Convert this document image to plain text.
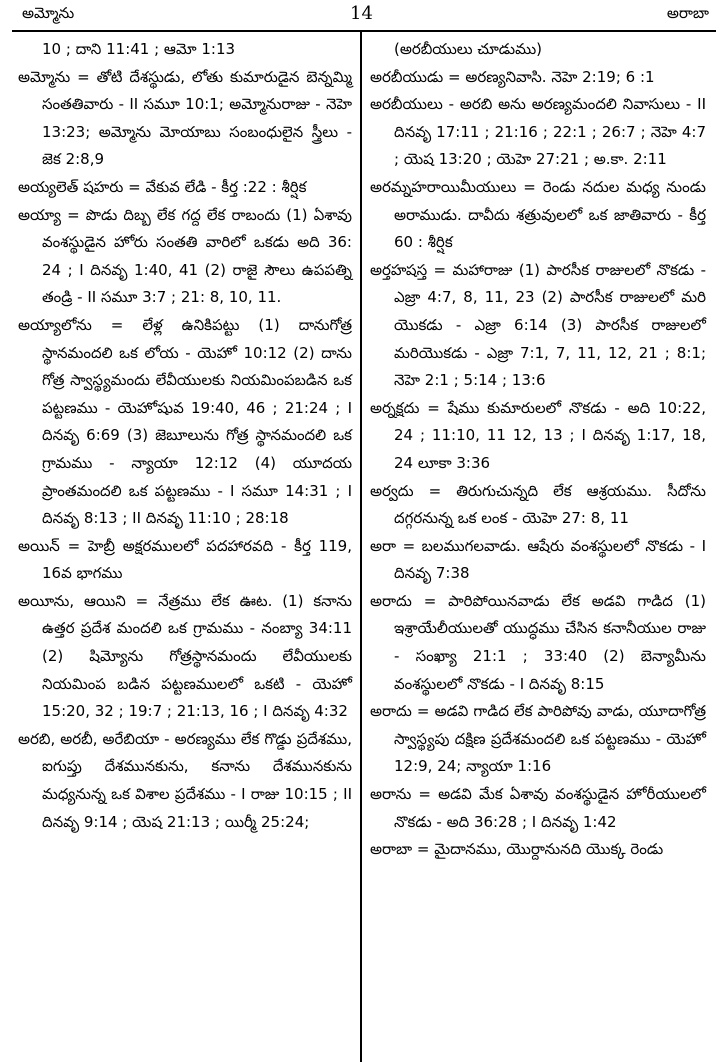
అమ్మోను	14	అరాబా

10 ; దాని 11:41 ; ఆమో 1:13

అమ్మోను = తోటి దేశస్థుడు, లోతు కుమారుడైన బెన్నమ్మి సంతతివారు - II సమూ 10:1; అమ్మోనురాజు - నెహె 13:23; అమ్మోను మోయాబు సంబంధులైన స్త్రీలు - జెక 2:8,9

అయ్యలెత్ షహరు = వేకువ లేడి - కీర్త :22 : శీర్షిక

అయ్యా = పొడు దిబ్బ లేక గద్ద లేక రాబందు (1) ఏశావు వంశస్థుడైన హోరు సంతతి వారిలో ఒకడు అది 36: 24 ; I దినవృ 1:40, 41 (2) రాజై సౌలు ఉపపత్ని తండ్రి - II సమూ 3:7 ; 21: 8, 10, 11.

అయ్యాలోను = లేళ్ల ఉనికిపట్టు (1) దానుగోత్ర స్థానమందలి ఒక లోయ - యెహో 10:12 (2) దాను గోత్ర స్వాస్థ్యమందు లేవీయులకు నియమింపబడిన ఒక పట్టణము - యెహోషువ 19:40, 46 ; 21:24 ; I దినవృ 6:69 (3) జెబూలును గోత్ర స్థానమందలి ఒక గ్రామము - న్యాయా 12:12 (4) యూదయ ప్రాంతమందలి ఒక పట్టణము - I సమూ 14:31 ; I దినవృ 8:13 ; II దినవృ 11:10 ; 28:18

అయిన్ = హెబ్రీ అక్షరములలో పదహారవది - కీర్త 119, 16వ భాగము

అయీను, ఆయిని = నేత్రము లేక ఊట. (1) కనాను ఉత్తర ప్రదేశ మందలి ఒక గ్రామము - నంబ్యా 34:11 (2) షిమ్యోను గోత్రస్థానమందు లేవీయులకు నియమింప బడిన పట్టణములలో ఒకటి - యెహో 15:20, 32 ; 19:7 ; 21:13, 16 ; I దినవృ 4:32

అరబి, అరబీ, అరేబియా - అరణ్యము లేక గొడ్డు ప్రదేశము, ఐగుప్తు దేశమునకును, కనాను దేశమునకును మధ్యనున్న ఒక విశాల ప్రదేశము - I రాజు 10:15 ; II దినవృ 9:14 ; యెష 21:13 ; యిర్మీ 25:24;

(అరబీయులు చూడుము)

అరబీయుడు = అరణ్యనివాసి. నెహె 2:19; 6 :1

అరబీయులు - అరబి అను అరణ్యమందలి నివాసులు - II దినవృ 17:11 ; 21:16 ; 22:1 ; 26:7 ; నెహె 4:7 ; యెష 13:20 ; యెహె 27:21 ; అ.కా. 2:11

అరమ్నహరాయిమీయులు = రెండు నదుల మధ్య నుండు అరాముడు. దావీదు శత్రువులలో ఒక జాతివారు - కీర్త 60 : శీర్షిక

అర్తహషస్త = మహారాజు (1) పారసీక రాజులలో నొకడు - ఎజ్రా 4:7, 8, 11, 23 (2) పారసీక రాజులలో మరి యొకడు - ఎజ్రా 6:14 (3) పారసీక రాజులలో మరియొకడు - ఎజ్రా 7:1, 7, 11, 12, 21 ; 8:1; నెహె 2:1 ; 5:14 ; 13:6

అర్నక్షదు = షేము కుమారులలో నొకడు - అది 10:22, 24 ; 11:10, 11 12, 13 ; I దినవృ 1:17, 18, 24 లూకా 3:36

అర్వదు = తిరుగుచున్నది లేక ఆశ్రయము. సీదోను దగ్గరనున్న ఒక లంక - యెహె 27: 8, 11

అరా = బలముగలవాడు. ఆషేరు వంశస్థులలో నొకడు - I దినవృ 7:38

అరాదు = పారిపోయినవాడు లేక అడవి గాడిద (1) ఇశ్రాయేలీయులతో యుద్ధము చేసిన కనానీయుల రాజు - సంఖ్యా 21:1 ; 33:40 (2) బెన్యామీను వంశస్థులలో నొకడు - I దినవృ 8:15

అరాదు = అడవి గాడిద లేక పారిపోవు వాడు, యూదాగోత్ర స్వాస్థ్యపు దక్షిణ ప్రదేశమందలి ఒక పట్టణము - యెహో 12:9, 24; న్యాయా 1:16

అరాను = అడవి మేక ఏశావు వంశస్థుడైన హోరీయులలో నొకడు - అది 36:28 ; I దినవృ 1:42

అరాబా = మైదానము, యొర్దానునది యొక్క రెండు
